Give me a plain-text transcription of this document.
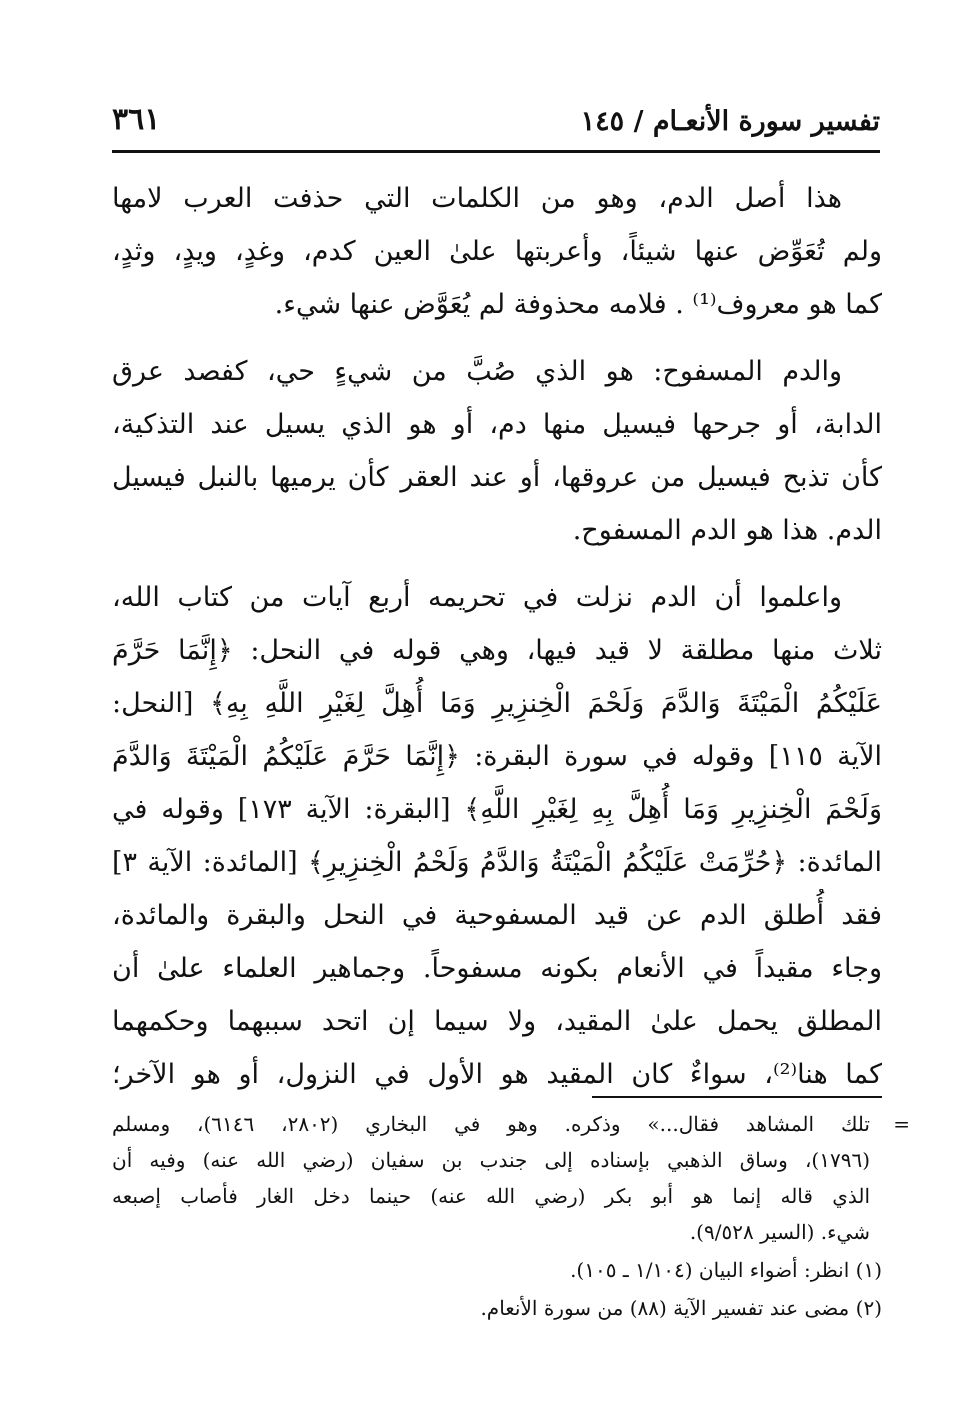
تفسير سورة الأنعـام / ١٤٥
٣٦١

هذا أصل الدم، وهو من الكلمات التي حذفت العرب لامها
ولم تُعَوِّض عنها شيئاً، وأعربتها علىٰ العين كدم، وغدٍ، ويدٍ، وثدٍ،
كما هو معروف⁽¹⁾ . فلامه محذوفة لم يُعَوَّض عنها شيء.

والدم المسفوح: هو الذي صُبَّ من شيءٍ حي، كفصد عرق
الدابة، أو جرحها فيسيل منها دم، أو هو الذي يسيل عند التذكية،
كأن تذبح فيسيل من عروقها، أو عند العقر كأن يرميها بالنبل فيسيل
الدم. هذا هو الدم المسفوح.

واعلموا أن الدم نزلت في تحريمه أربع آيات من كتاب الله،
ثلاث منها مطلقة لا قيد فيها، وهي قوله في النحل: ﴿إِنَّمَا حَرَّمَ
عَلَيْكُمُ الْمَيْتَةَ وَالدَّمَ وَلَحْمَ الْخِنزِيرِ وَمَا أُهِلَّ لِغَيْرِ اللَّهِ بِهِ﴾ [النحل:
الآية ١١٥] وقوله في سورة البقرة: ﴿إِنَّمَا حَرَّمَ عَلَيْكُمُ الْمَيْتَةَ وَالدَّمَ
وَلَحْمَ الْخِنزِيرِ وَمَا أُهِلَّ بِهِ لِغَيْرِ اللَّهِ﴾ [البقرة: الآية ١٧٣] وقوله في
المائدة: ﴿حُرِّمَتْ عَلَيْكُمُ الْمَيْتَةُ وَالدَّمُ وَلَحْمُ الْخِنزِيرِ﴾ [المائدة: الآية ٣]
فقد أُطلق الدم عن قيد المسفوحية في النحل والبقرة والمائدة،
وجاء مقيداً في الأنعام بكونه مسفوحاً. وجماهير العلماء علىٰ أن
المطلق يحمل علىٰ المقيد، ولا سيما إن اتحد سببهما وحكمهما
كما هنا⁽²⁾، سواءٌ كان المقيد هو الأول في النزول، أو هو الآخر؛

=
تلك المشاهد فقال...» وذكره. وهو في البخاري (٢٨٠٢، ٦١٤٦)، ومسلم
(١٧٩٦)، وساق الذهبي بإسناده إلى جندب بن سفيان (رضي الله عنه) وفيه أن
الذي قاله إنما هو أبو بكر (رضي الله عنه) حينما دخل الغار فأصاب إصبعه
شيء. (السير ٩/٥٢٨).
(١) انظر: أضواء البيان (١/١٠٤ ـ ١٠٥).
(٢) مضى عند تفسير الآية (٨٨) من سورة الأنعام.
